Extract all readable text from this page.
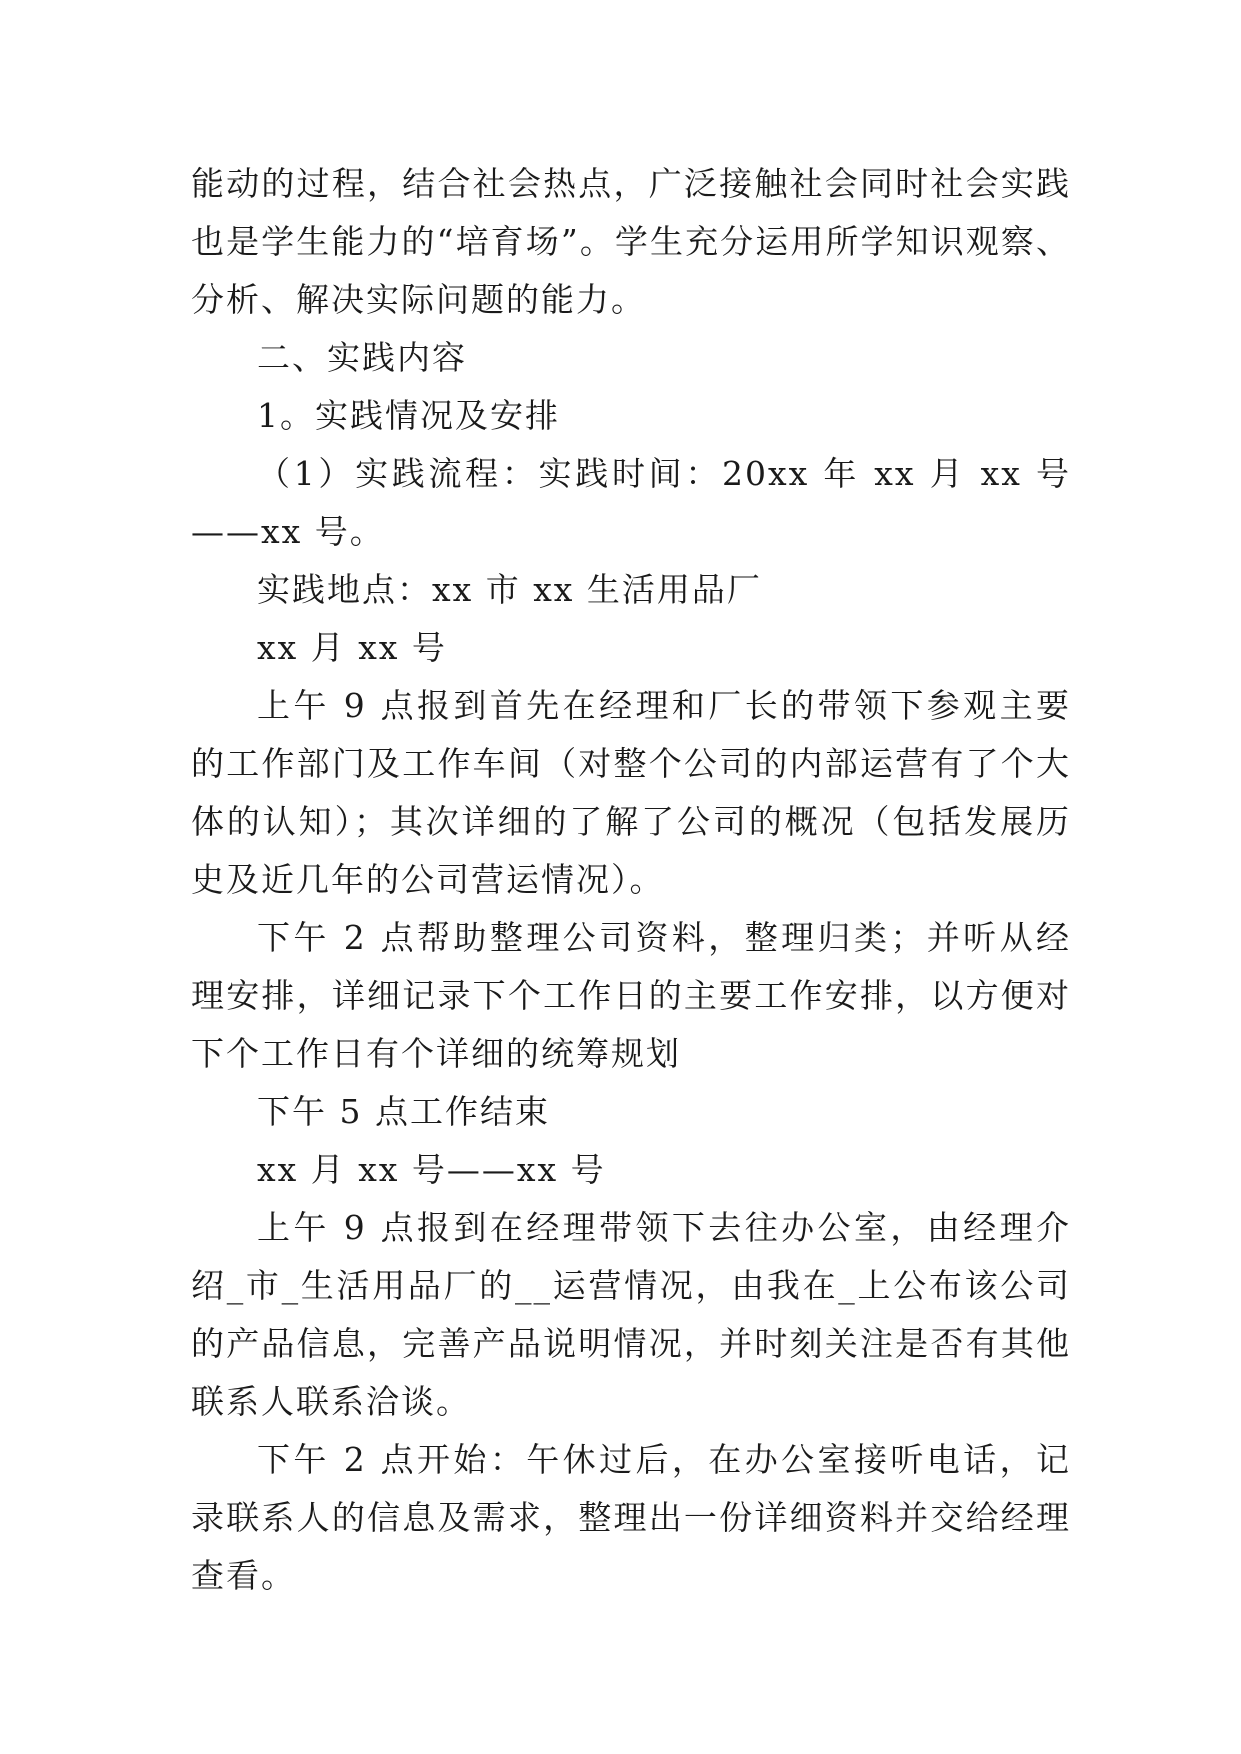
能动的过程，结合社会热点，广泛接触社会同时社会实践也是学生能力的“培育场”。学生充分运用所学知识观察、分析、解决实际问题的能力。

二、实践内容

1。实践情况及安排

（1）实践流程：实践时间：20xx 年 xx 月 xx 号——xx 号。

实践地点：xx 市 xx 生活用品厂

xx 月 xx 号

上午 9 点报到首先在经理和厂长的带领下参观主要的工作部门及工作车间（对整个公司的内部运营有了个大体的认知）；其次详细的了解了公司的概况（包括发展历史及近几年的公司营运情况）。

下午 2 点帮助整理公司资料，整理归类；并听从经理安排，详细记录下个工作日的主要工作安排，以方便对下个工作日有个详细的统筹规划

下午 5 点工作结束

xx 月 xx 号——xx 号

上午 9 点报到在经理带领下去往办公室，由经理介绍_市_生活用品厂的__运营情况，由我在_上公布该公司的产品信息，完善产品说明情况，并时刻关注是否有其他联系人联系洽谈。

下午 2 点开始：午休过后，在办公室接听电话，记录联系人的信息及需求，整理出一份详细资料并交给经理查看。
